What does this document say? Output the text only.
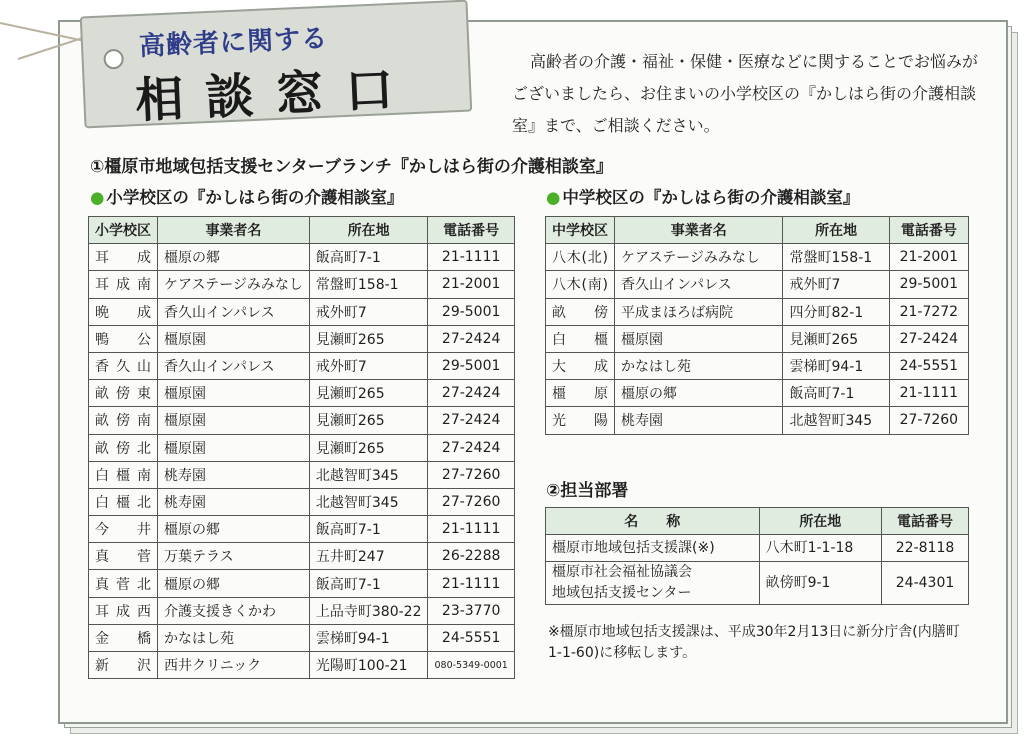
高齢者に関する
相談窓口	高齢者の介護・福祉・保健・医療などに関することでお悩みがございましたら、お住まいの小学校区の『かしはら街の介護相談室』まで、ご相談ください。
①橿原市地域包括支援センターブランチ『かしはら街の介護相談室』
● 小学校区の『かしはら街の介護相談室』	● 中学校区の『かしはら街の介護相談室』
小学校区	事業者名	所在地	電話番号
耳成	橿原の郷	飯高町7-1	21-1111
耳成南	ケアステージみみなし	常盤町158-1	21-2001
晩成	香久山インパレス	戒外町7	29-5001
鴨公	橿原園	見瀬町265	27-2424
香久山	香久山インパレス	戒外町7	29-5001
畝傍東	橿原園	見瀬町265	27-2424
畝傍南	橿原園	見瀬町265	27-2424
畝傍北	橿原園	見瀬町265	27-2424
白橿南	桃寿園	北越智町345	27-7260
白橿北	桃寿園	北越智町345	27-7260
今井	橿原の郷	飯高町7-1	21-1111
真菅	万葉テラス	五井町247	26-2288
真菅北	橿原の郷	飯高町7-1	21-1111
耳成西	介護支援きくかわ	上品寺町380-22	23-3770
金橋	かなはし苑	雲梯町94-1	24-5551
新沢	西井クリニック	光陽町100-21	080-5349-0001
中学校区	事業者名	所在地	電話番号
八木(北)	ケアステージみみなし	常盤町158-1	21-2001
八木(南)	香久山インパレス	戒外町7	29-5001
畝傍	平成まほろば病院	四分町82-1	21-7272
白橿	橿原園	見瀬町265	27-2424
大成	かなはし苑	雲梯町94-1	24-5551
橿原	橿原の郷	飯高町7-1	21-1111
光陽	桃寿園	北越智町345	27-7260
②担当部署
名　　称	所在地	電話番号
橿原市地域包括支援課(※)	八木町1-1-18	22-8118
橿原市社会福祉協議会
地域包括支援センター	畝傍町9-1	24-4301
※橿原市地域包括支援課は、平成30年2月13日に新分庁舎(内膳町1-1-60)に移転します。
